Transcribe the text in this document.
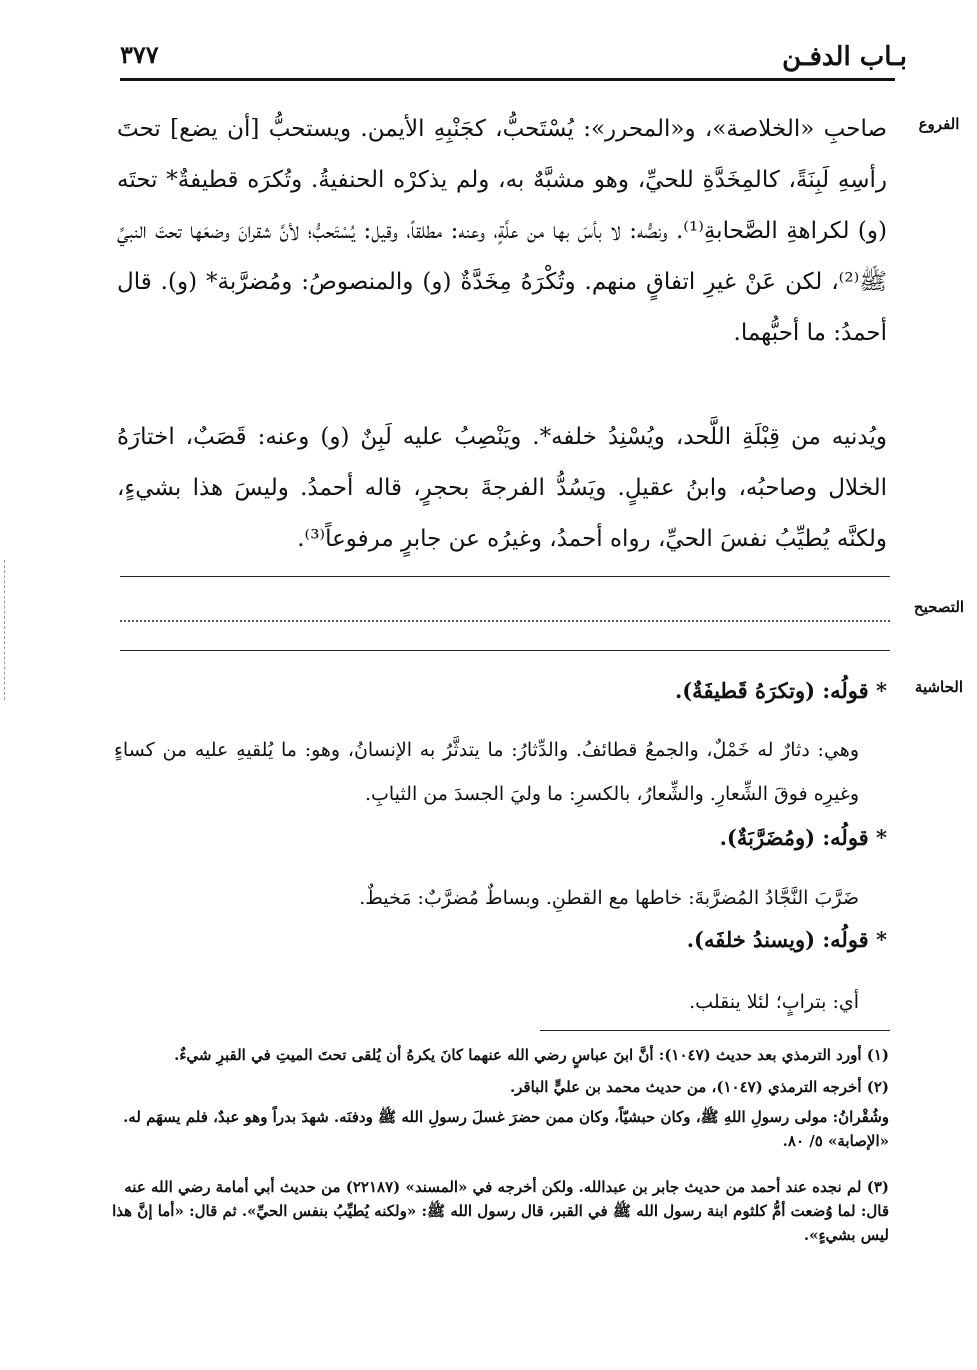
بـاب الدفـن
٣٧٧
الفروع
التصحيح
الحاشية
صاحبِ «الخلاصة»، و«المحرر»: يُسْتَحبُّ، كجَنْبِهِ الأيمن. ويستحبُّ [أن يضع] تحتَ رأسِهِ لَبِنَةً، كالمِخَدَّةِ للحيِّ، وهو مشبَّهٌ به، ولم يذكرْه الحنفيةُ. وتُكرَه قطيفةٌ* تحتَه (و) لكراهةِ الصَّحابةِ⁽¹⁾. ونصُّه: لا بأسَ بها من علَّةٍ، وعنه: مطلقاً، وقيل: يُسْتَحبُّ؛ لأنَّ شقرانَ وضعَها تحتَ النبيِّ ﷺ⁽²⁾، لكن عَنْ غيرِ اتفاقٍ منهم. وتُكْرَهُ مِخَدَّةٌ (و) والمنصوصُ: ومُضرَّبة* (و). قال أحمدُ: ما أحبُّهما.
ويُدنيه من قِبْلَةِ اللَّحد، ويُسْنِدُ خلفه*. ويَنْصِبُ عليه لَبِنٌ (و) وعنه: قَصَبٌ، اختارَهُ الخلال وصاحبُه، وابنُ عقيلٍ. ويَسُدُّ الفرجةَ بحجرٍ، قاله أحمدُ. وليسَ هذا بشيءٍ، ولكنَّه يُطيِّبُ نفسَ الحيِّ، رواه أحمدُ، وغيرُه عن جابرٍ مرفوعاً⁽³⁾.
* قولُه: (وتكرَهُ قَطيفَةٌ).
وهي: دثارٌ له خَمْلٌ، والجمعُ قطائفُ. والدِّثارُ: ما يتدثَّرُ به الإنسانُ، وهو: ما يُلقيهِ عليه من كساءٍ وغيرِه فوقَ الشِّعارِ. والشِّعارُ، بالكسرِ: ما وليَ الجسدَ من الثيابِ.
* قولُه: (ومُضَرَّبَةٌ).
ضَرَّبَ النَّجَّادُ المُضرَّبةَ: خاطها مع القطنِ. وبساطٌ مُضرَّبٌ: مَخيطٌ.
* قولُه: (ويسندُ خلفَه).
أي: بترابٍ؛ لئلا ينقلب.
(١) أورد الترمذي بعد حديث (١٠٤٧): أنَّ ابنَ عباسٍ رضي الله عنهما كانَ يكرهُ أن يُلقى تحتَ الميتِ في القبرِ شيءٌ.
(٢) أخرجه الترمذي (١٠٤٧)، من حديث محمد بن عليٍّ الباقر.
وشُقْرانُ: مولى رسولِ اللهِ ﷺ، وكان حبشيّاً، وكان ممن حضرَ غسلَ رسولِ الله ﷺ ودفنَه. شهدَ بدراً وهو عبدٌ، فلم يسهَم له. «الإصابة» ٥/ ٨٠.
(٣) لم نجده عند أحمد من حديث جابر بن عبدالله. ولكن أخرجه في «المسند» (٢٢١٨٧) من حديث أبي أمامة رضي الله عنه قال: لما وُضعت أمُّ كلثوم ابنة رسول الله ﷺ في القبر، قال رسول الله ﷺ: «ولكنه يُطيِّبُ بنفس الحيِّ». ثم قال: «أما إنَّ هذا ليس بشيءٍ».
